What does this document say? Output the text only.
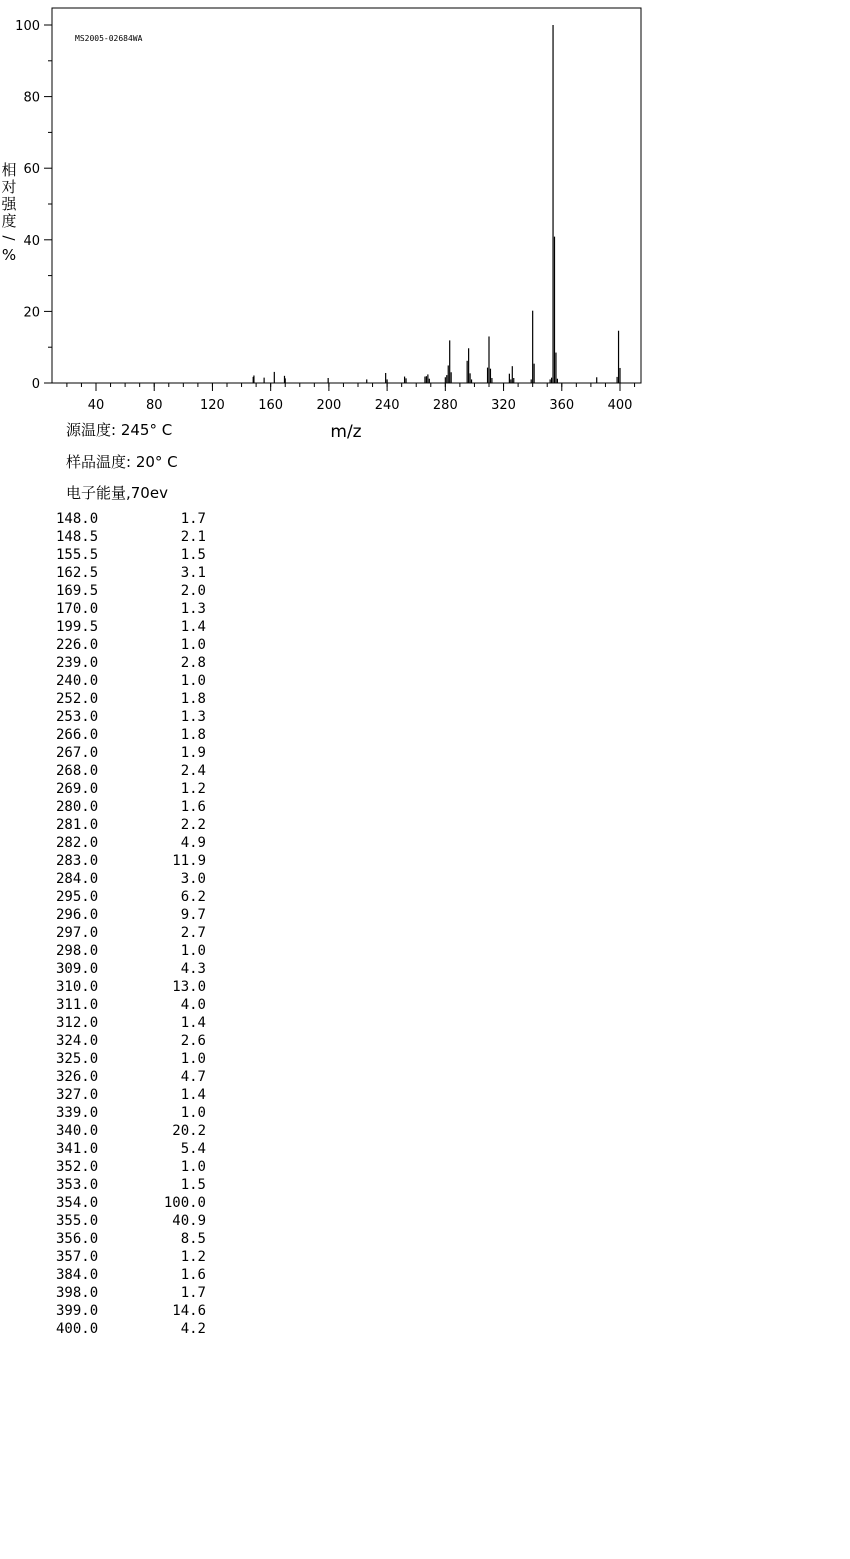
MS2005-02684WA
m/z
相
对
强
度
/
%
40	80	120	160	200	240	280	320	360	400
0
20
40
60
80
100
源温度: 245° C
样品温度: 20° C
电子能量,70ev
148.0	1.7
148.5	2.1
155.5	1.5
162.5	3.1
169.5	2.0
170.0	1.3
199.5	1.4
226.0	1.0
239.0	2.8
240.0	1.0
252.0	1.8
253.0	1.3
266.0	1.8
267.0	1.9
268.0	2.4
269.0	1.2
280.0	1.6
281.0	2.2
282.0	4.9
283.0	11.9
284.0	3.0
295.0	6.2
296.0	9.7
297.0	2.7
298.0	1.0
309.0	4.3
310.0	13.0
311.0	4.0
312.0	1.4
324.0	2.6
325.0	1.0
326.0	4.7
327.0	1.4
339.0	1.0
340.0	20.2
341.0	5.4
352.0	1.0
353.0	1.5
354.0	100.0
355.0	40.9
356.0	8.5
357.0	1.2
384.0	1.6
398.0	1.7
399.0	14.6
400.0	4.2
